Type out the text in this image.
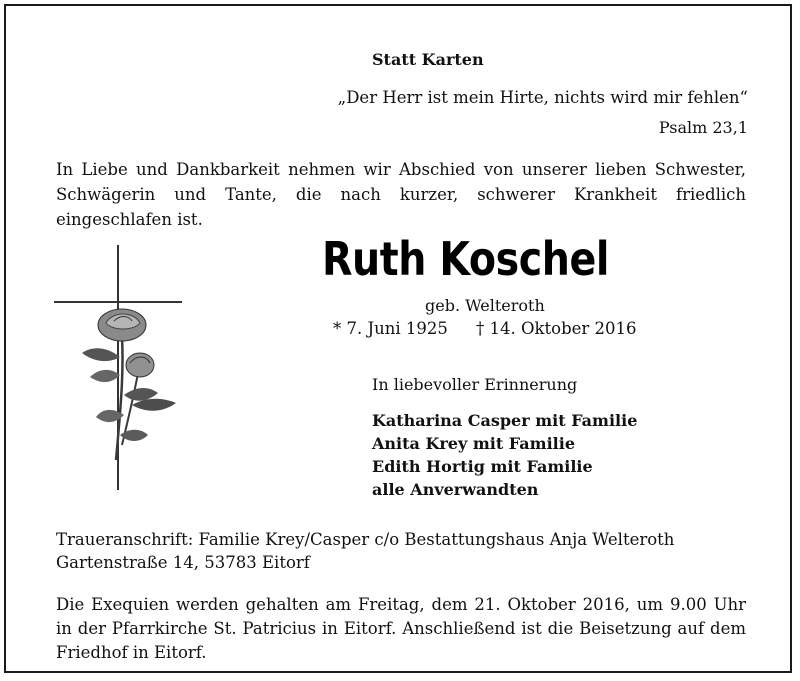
Statt Karten
„Der Herr ist mein Hirte, nichts wird mir fehlen“
Psalm 23,1
In Liebe und Dankbarkeit nehmen wir Abschied von unserer lieben Schwester, Schwägerin und Tante, die nach kurzer, schwerer Krankheit friedlich eingeschlafen ist.
Ruth Koschel
geb. Welteroth
* 7. Juni 1925 † 14. Oktober 2016
In liebevoller Erinnerung
Katharina Casper mit Familie
Anita Krey mit Familie
Edith Hortig mit Familie
alle Anverwandten
Traueranschrift: Familie Krey/Casper c/o Bestattungshaus Anja Welteroth
Gartenstraße 14, 53783 Eitorf
Die Exequien werden gehalten am Freitag, dem 21. Oktober 2016, um 9.00 Uhr in der Pfarrkirche St. Patricius in Eitorf. Anschließend ist die Beisetzung auf dem Friedhof in Eitorf.
